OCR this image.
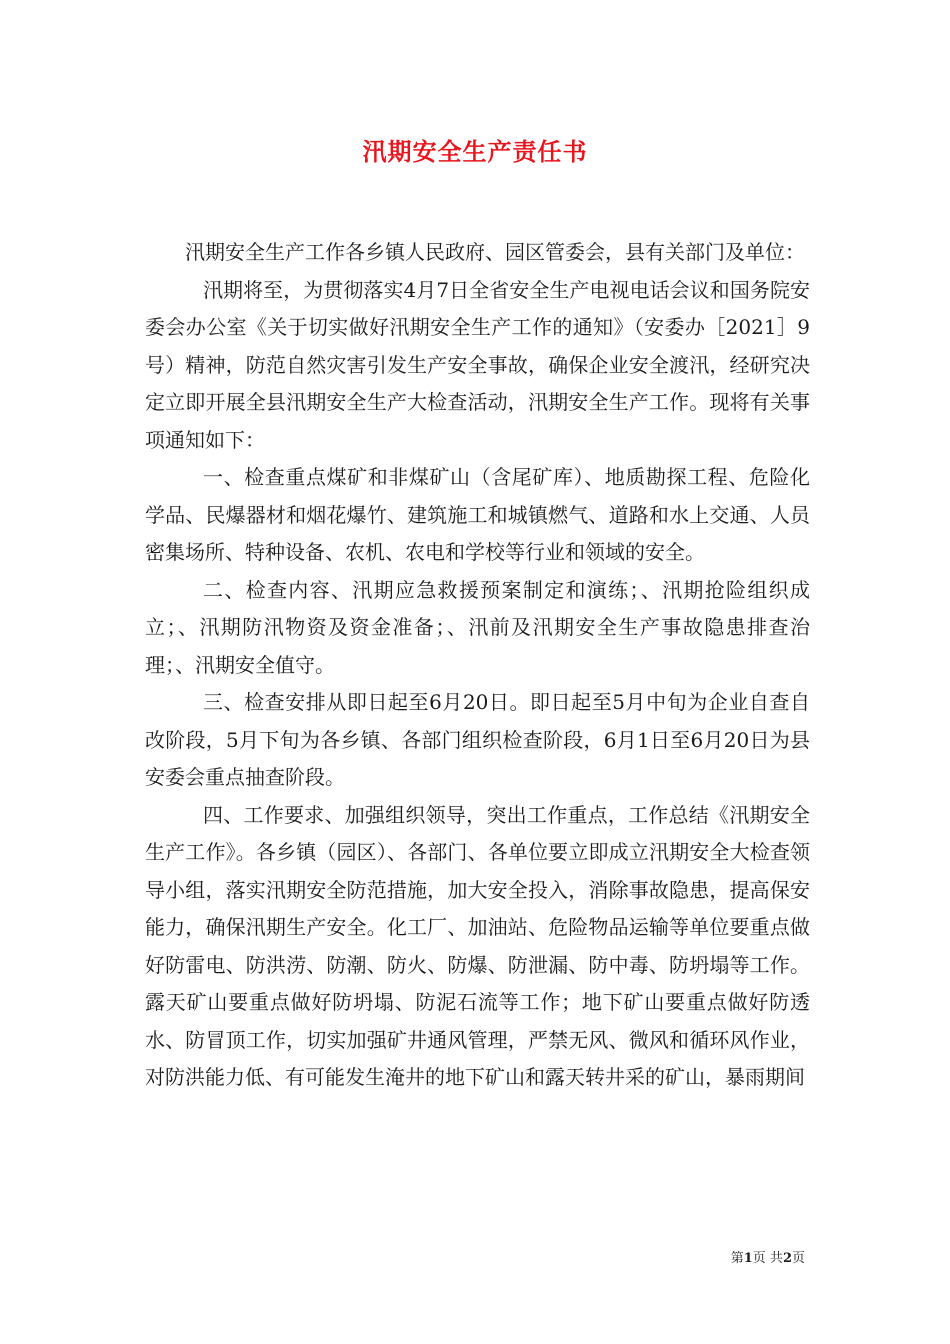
汛期安全生产责任书

汛期安全生产工作各乡镇人民政府、园区管委会，县有关部门及单位：

汛期将至，为贯彻落实4月7日全省安全生产电视电话会议和国务院安委会办公室《关于切实做好汛期安全生产工作的通知》（安委办［2021］9号）精神，防范自然灾害引发生产安全事故，确保企业安全渡汛，经研究决定立即开展全县汛期安全生产大检查活动，汛期安全生产工作。现将有关事项通知如下：

一、检查重点煤矿和非煤矿山（含尾矿库）、地质勘探工程、危险化学品、民爆器材和烟花爆竹、建筑施工和城镇燃气、道路和水上交通、人员密集场所、特种设备、农机、农电和学校等行业和领域的安全。

二、检查内容、汛期应急救援预案制定和演练；、汛期抢险组织成立；、汛期防汛物资及资金准备；、汛前及汛期安全生产事故隐患排查治理；、汛期安全值守。

三、检查安排从即日起至6月20日。即日起至5月中旬为企业自查自改阶段，5月下旬为各乡镇、各部门组织检查阶段，6月1日至6月20日为县安委会重点抽查阶段。

四、工作要求、加强组织领导，突出工作重点，工作总结《汛期安全生产工作》。各乡镇（园区）、各部门、各单位要立即成立汛期安全大检查领导小组，落实汛期安全防范措施，加大安全投入，消除事故隐患，提高保安能力，确保汛期生产安全。化工厂、加油站、危险物品运输等单位要重点做好防雷电、防洪涝、防潮、防火、防爆、防泄漏、防中毒、防坍塌等工作。露天矿山要重点做好防坍塌、防泥石流等工作；地下矿山要重点做好防透水、防冒顶工作，切实加强矿井通风管理，严禁无风、微风和循环风作业，对防洪能力低、有可能发生淹井的地下矿山和露天转井采的矿山，暴雨期间

第1页 共2页
